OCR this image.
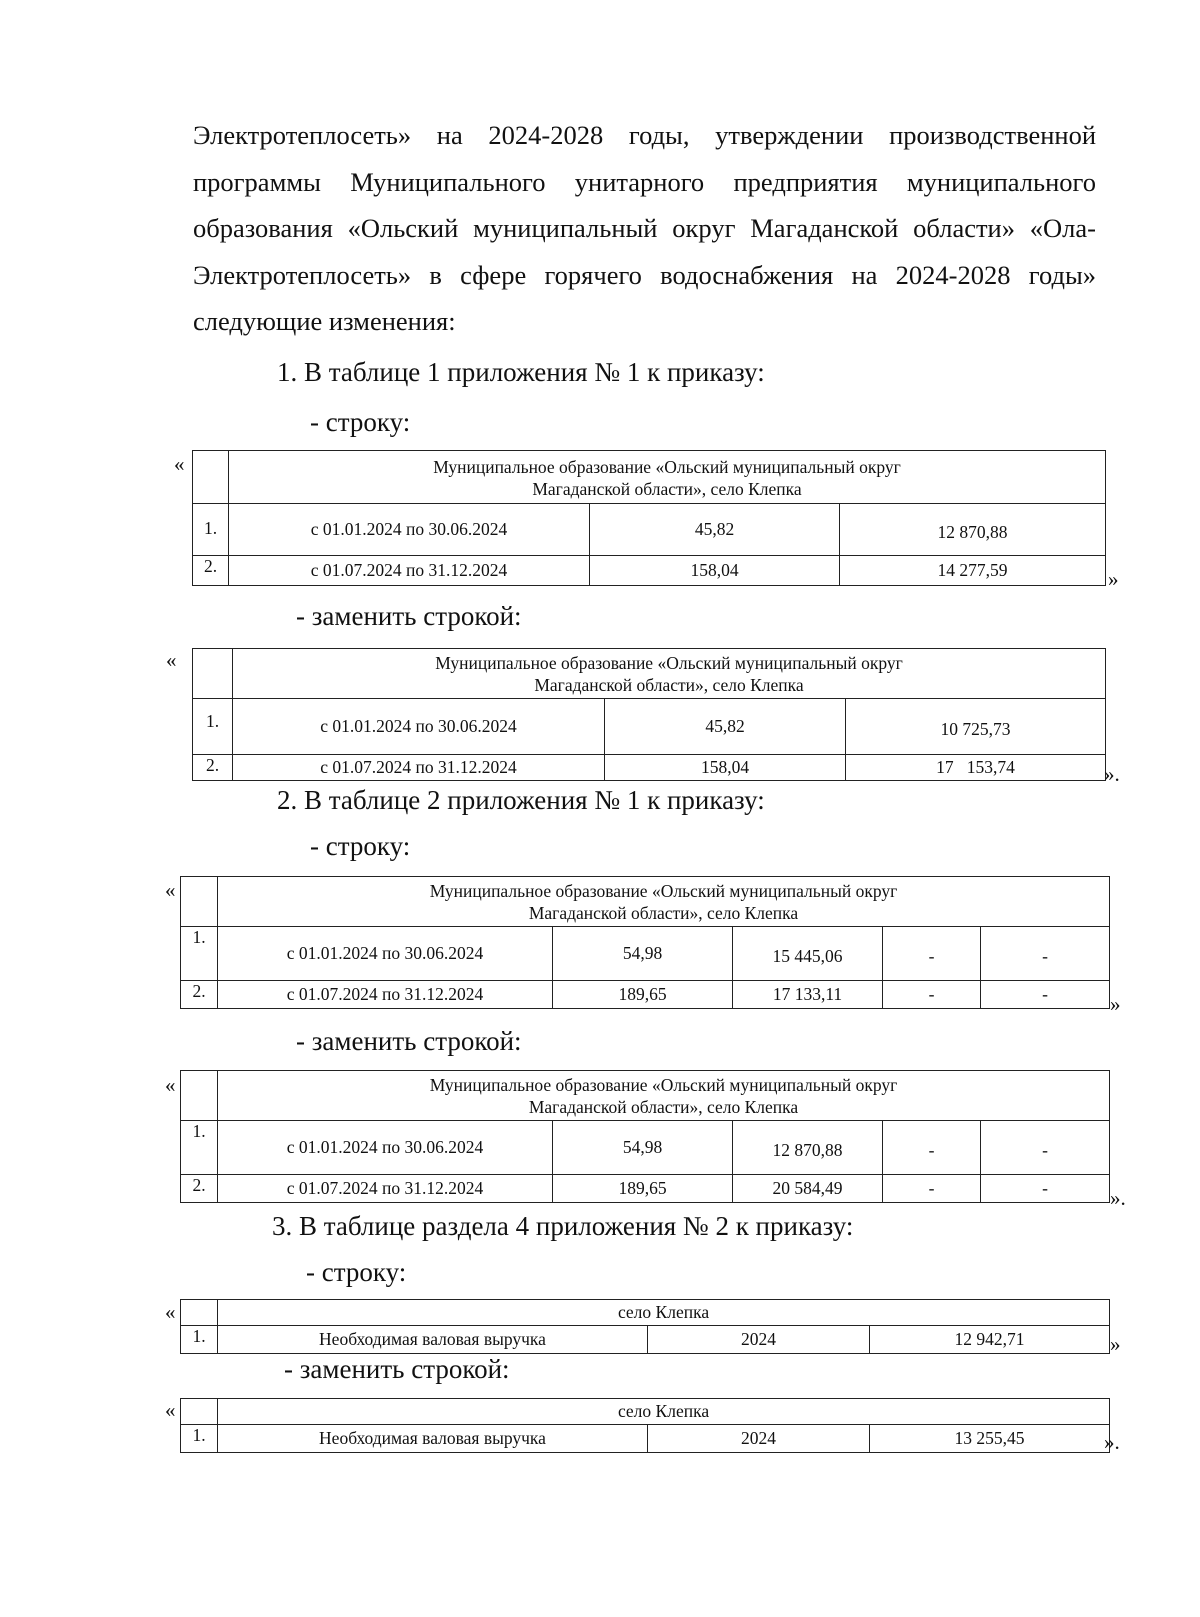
Электротеплосеть» на 2024-2028 годы, утверждении производственной
программы Муниципального унитарного предприятия муниципального
образования «Ольский муниципальный округ Магаданской области» «Ола-
Электротеплосеть» в сфере горячего водоснабжения на 2024-2028 годы»
следующие изменения:
1. В таблице 1 приложения № 1 к приказу:
- строку:
«

	Муниципальное образование «Ольский муниципальный округ
Магаданской области», село Клепка		

1.	с 01.01.2024 по 30.06.2024	45,82	12 870,88
2.	с 01.07.2024 по 31.12.2024	158,04	14 277,59	»
- заменить строкой:
«

	Муниципальное образование «Ольский муниципальный округ
Магаданской области», село Клепка		

1.	с 01.01.2024 по 30.06.2024	45,82	10 725,73
2.	с 01.07.2024 по 31.12.2024	158,04	17   153,74	».
2. В таблице 2 приложения № 1 к приказу:
- строку:
«

	Муниципальное образование «Ольский муниципальный округ
Магаданской области», село Клепка				

1.	с 01.01.2024 по 30.06.2024	54,98	15 445,06	-	-
2.	с 01.07.2024 по 31.12.2024	189,65	17 133,11	-	-	»
- заменить строкой:
«

	Муниципальное образование «Ольский муниципальный округ
Магаданской области», село Клепка				

1.	с 01.01.2024 по 30.06.2024	54,98	12 870,88	-	-
2.	с 01.07.2024 по 31.12.2024	189,65	20 584,49	-	-	».
3. В таблице раздела 4 приложения № 2 к приказу:
- строку:
«
		село Клепка		
1.	Необходимая валовая выручка	2024	12 942,71	»
- заменить строкой:
«
		село Клепка		
1.	Необходимая валовая выручка	2024	13 255,45	».
